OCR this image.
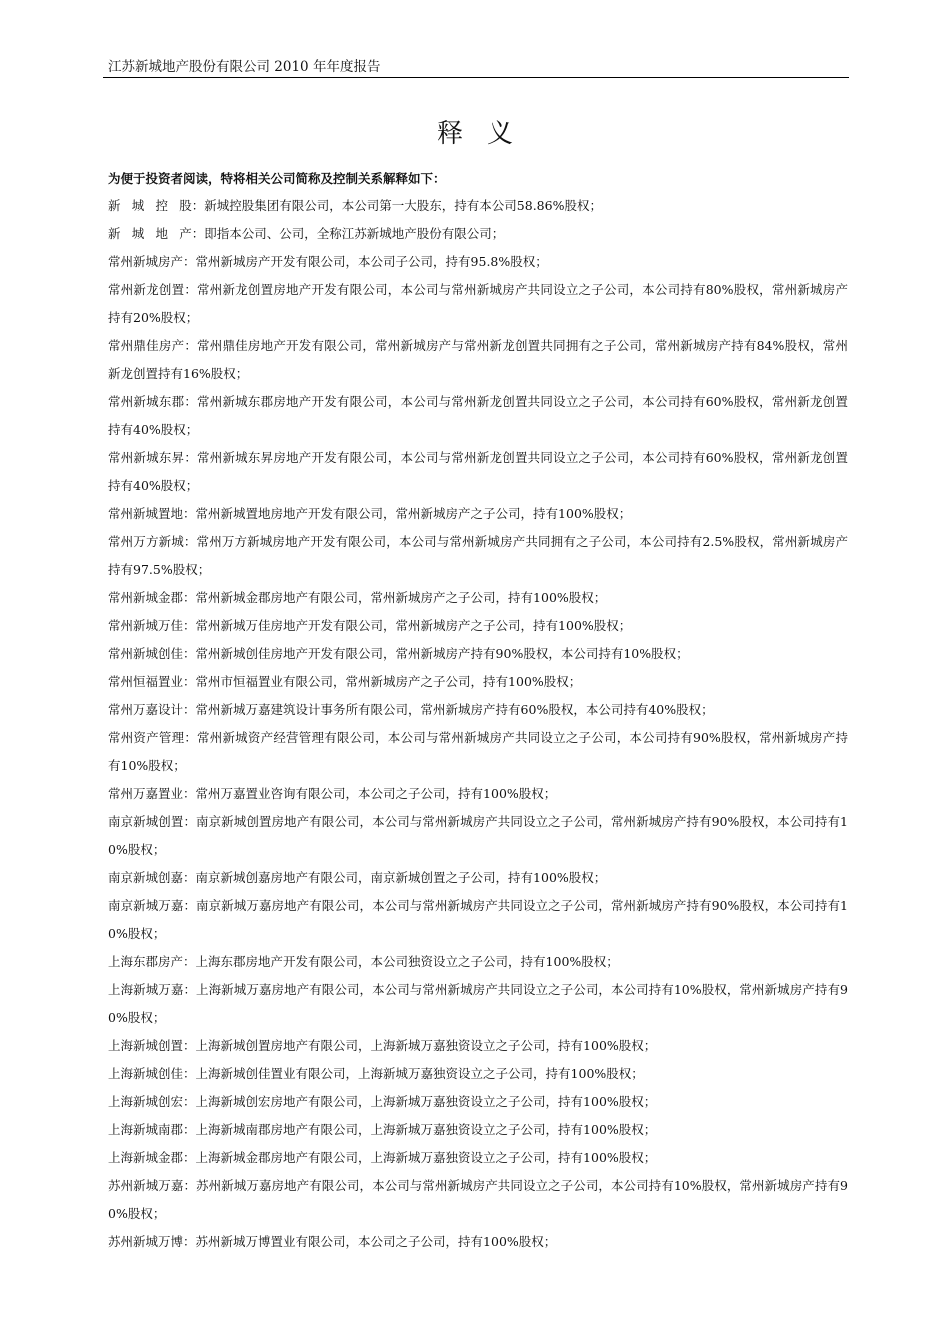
江苏新城地产股份有限公司 2010 年年度报告
释义
为便于投资者阅读，特将相关公司简称及控制关系解释如下：
新城控股：新城控股集团有限公司，本公司第一大股东，持有本公司58.86%股权；
新城地产：即指本公司、公司，全称江苏新城地产股份有限公司；
常州新城房产：常州新城房产开发有限公司，本公司子公司，持有95.8%股权；
常州新龙创置：常州新龙创置房地产开发有限公司，本公司与常州新城房产共同设立之子公司，本公司持有80%股权，常州新城房产持有20%股权；
常州鼎佳房产：常州鼎佳房地产开发有限公司，常州新城房产与常州新龙创置共同拥有之子公司，常州新城房产持有84%股权，常州新龙创置持有16%股权；
常州新城东郡：常州新城东郡房地产开发有限公司，本公司与常州新龙创置共同设立之子公司，本公司持有60%股权，常州新龙创置持有40%股权；
常州新城东昇：常州新城东昇房地产开发有限公司，本公司与常州新龙创置共同设立之子公司，本公司持有60%股权，常州新龙创置持有40%股权；
常州新城置地：常州新城置地房地产开发有限公司，常州新城房产之子公司，持有100%股权；
常州万方新城：常州万方新城房地产开发有限公司，本公司与常州新城房产共同拥有之子公司，本公司持有2.5%股权，常州新城房产持有97.5%股权；
常州新城金郡：常州新城金郡房地产有限公司，常州新城房产之子公司，持有100%股权；
常州新城万佳：常州新城万佳房地产开发有限公司，常州新城房产之子公司，持有100%股权；
常州新城创佳：常州新城创佳房地产开发有限公司，常州新城房产持有90%股权，本公司持有10%股权；
常州恒福置业：常州市恒福置业有限公司，常州新城房产之子公司，持有100%股权；
常州万嘉设计：常州新城万嘉建筑设计事务所有限公司，常州新城房产持有60%股权，本公司持有40%股权；
常州资产管理：常州新城资产经营管理有限公司，本公司与常州新城房产共同设立之子公司，本公司持有90%股权，常州新城房产持有10%股权；
常州万嘉置业：常州万嘉置业咨询有限公司，本公司之子公司，持有100%股权；
南京新城创置：南京新城创置房地产有限公司，本公司与常州新城房产共同设立之子公司，常州新城房产持有90%股权，本公司持有10%股权；
南京新城创嘉：南京新城创嘉房地产有限公司，南京新城创置之子公司，持有100%股权；
南京新城万嘉：南京新城万嘉房地产有限公司，本公司与常州新城房产共同设立之子公司，常州新城房产持有90%股权，本公司持有10%股权；
上海东郡房产：上海东郡房地产开发有限公司，本公司独资设立之子公司，持有100%股权；
上海新城万嘉：上海新城万嘉房地产有限公司，本公司与常州新城房产共同设立之子公司，本公司持有10%股权，常州新城房产持有90%股权；
上海新城创置：上海新城创置房地产有限公司，上海新城万嘉独资设立之子公司，持有100%股权；
上海新城创佳：上海新城创佳置业有限公司，上海新城万嘉独资设立之子公司，持有100%股权；
上海新城创宏：上海新城创宏房地产有限公司，上海新城万嘉独资设立之子公司，持有100%股权；
上海新城南郡：上海新城南郡房地产有限公司，上海新城万嘉独资设立之子公司，持有100%股权；
上海新城金郡：上海新城金郡房地产有限公司，上海新城万嘉独资设立之子公司，持有100%股权；
苏州新城万嘉：苏州新城万嘉房地产有限公司，本公司与常州新城房产共同设立之子公司，本公司持有10%股权，常州新城房产持有90%股权；
苏州新城万博：苏州新城万博置业有限公司，本公司之子公司，持有100%股权；
